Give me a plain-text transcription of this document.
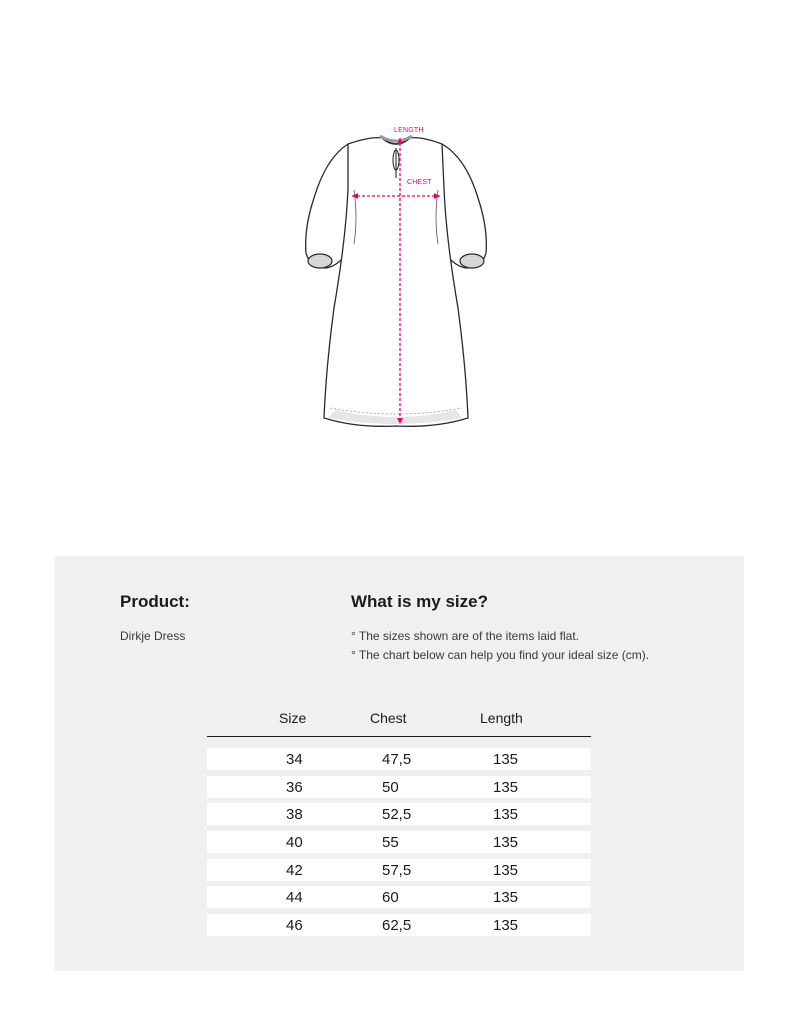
LENGTH
CHEST
Product:
Dirkje Dress
What is my size?
° The sizes shown are of the items laid flat.
° The chart below can help you find your ideal size (cm).
Size	Chest	Length
34	47,5	135
36	50	135
38	52,5	135
40	55	135
42	57,5	135
44	60	135
46	62,5	135
